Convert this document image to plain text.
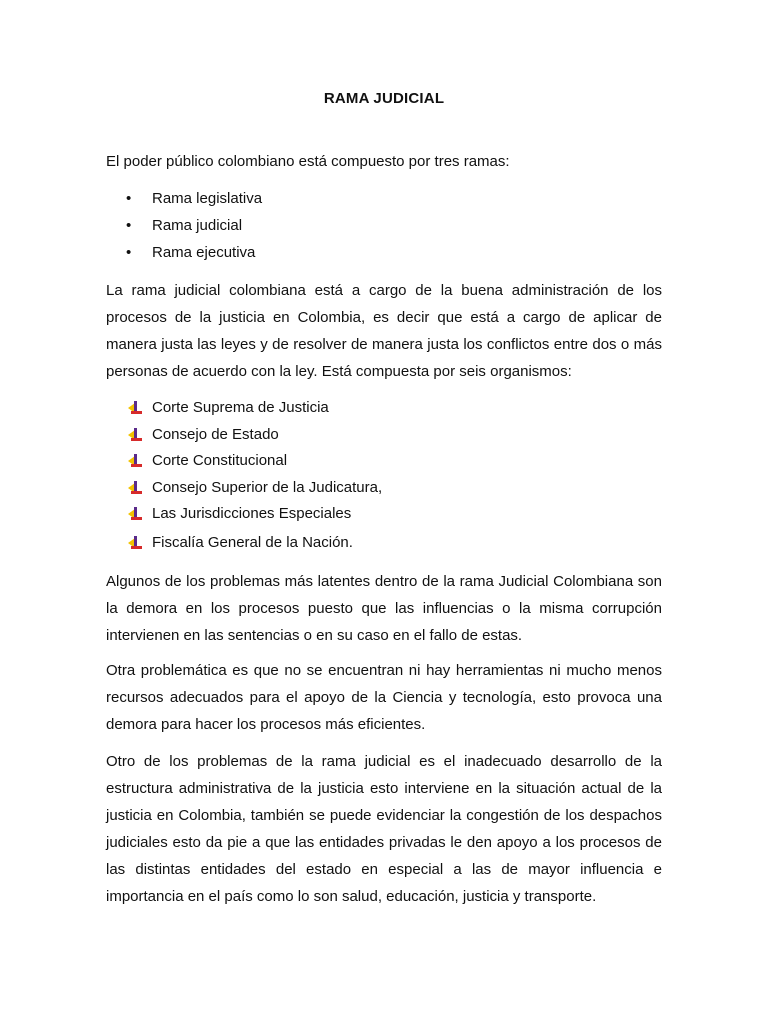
RAMA JUDICIAL

El poder público colombiano está compuesto por tres ramas:

• Rama legislativa
• Rama judicial
• Rama ejecutiva

La rama judicial colombiana está a cargo de la buena administración de los procesos de la justicia en Colombia, es decir que está a cargo de aplicar de manera justa las leyes y de resolver de manera justa los conflictos entre dos o más personas de acuerdo con la ley. Está compuesta por seis organismos:

Corte Suprema de Justicia
Consejo de Estado
Corte Constitucional
Consejo Superior de la Judicatura,
Las Jurisdicciones Especiales
Fiscalía General de la Nación.

Algunos de los problemas más latentes dentro de la rama Judicial Colombiana son la demora en los procesos puesto que las influencias o la misma corrupción intervienen en las sentencias o en su caso en el fallo de estas.

Otra problemática es que no se encuentran ni hay herramientas ni mucho menos recursos adecuados para el apoyo de la Ciencia y tecnología, esto provoca una demora para hacer los procesos más eficientes.

Otro de los problemas de la rama judicial es el inadecuado desarrollo de la estructura administrativa de la justicia esto interviene en la situación actual de la justicia en Colombia, también se puede evidenciar la congestión de los despachos judiciales esto da pie a que las entidades privadas le den apoyo a los procesos de las distintas entidades del estado en especial a las de mayor influencia e importancia en el país como lo son salud, educación, justicia y transporte.
